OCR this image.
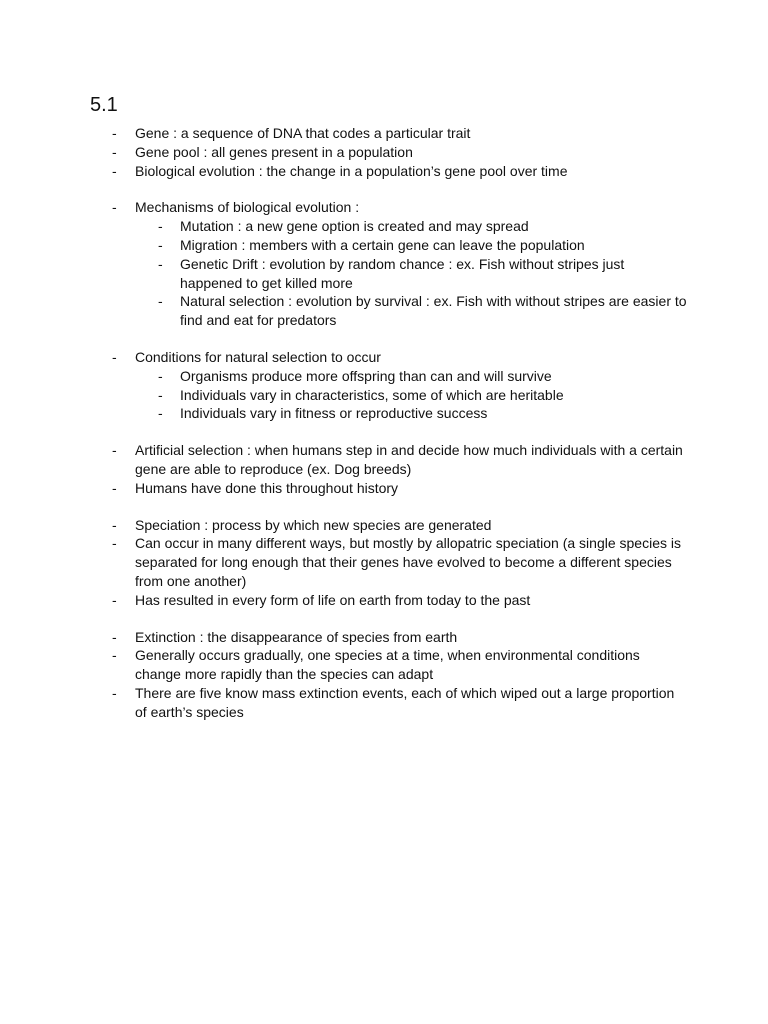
5.1
- Gene : a sequence of DNA that codes a particular trait
- Gene pool : all genes present in a population
- Biological evolution : the change in a population’s gene pool over time
- Mechanisms of biological evolution :
- Mutation : a new gene option is created and may spread
- Migration : members with a certain gene can leave the population
- Genetic Drift : evolution by random chance : ex. Fish without stripes just happened to get killed more
- Natural selection : evolution by survival : ex. Fish with without stripes are easier to find and eat for predators
- Conditions for natural selection to occur
- Organisms produce more offspring than can and will survive
- Individuals vary in characteristics, some of which are heritable
- Individuals vary in fitness or reproductive success
- Artificial selection : when humans step in and decide how much individuals with a certain gene are able to reproduce (ex. Dog breeds)
- Humans have done this throughout history
- Speciation : process by which new species are generated
- Can occur in many different ways, but mostly by allopatric speciation (a single species is separated for long enough that their genes have evolved to become a different species from one another)
- Has resulted in every form of life on earth from today to the past
- Extinction : the disappearance of species from earth
- Generally occurs gradually, one species at a time, when environmental conditions change more rapidly than the species can adapt
- There are five know mass extinction events, each of which wiped out a large proportion of earth’s species
